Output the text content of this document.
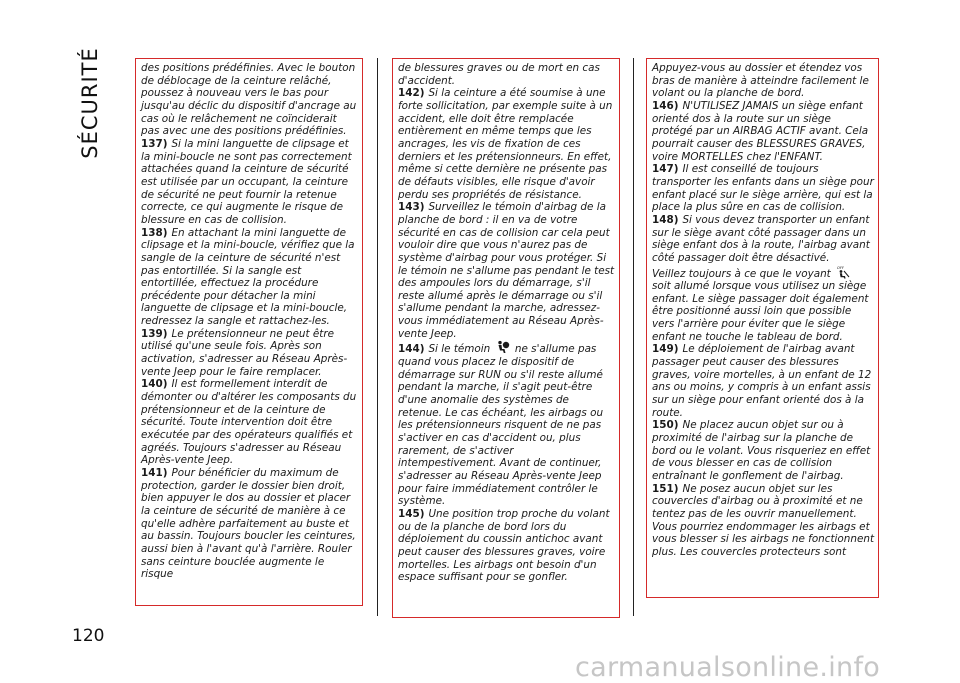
SÉCURITÉ	des positions prédéfinies. Avec le bouton de déblocage de la ceinture relâché, poussez à nouveau vers le bas pour jusqu'au déclic du dispositif d'ancrage au cas où le relâchement ne coïnciderait pas avec une des positions prédéfinies.

137) Si la mini languette de clipsage et la mini-boucle ne sont pas correctement attachées quand la ceinture de sécurité est utilisée par un occupant, la ceinture de sécurité ne peut fournir la retenue correcte, ce qui augmente le risque de blessure en cas de collision.

138) En attachant la mini languette de clipsage et la mini-boucle, vérifiez que la sangle de la ceinture de sécurité n'est pas entortillée. Si la sangle est entortillée, effectuez la procédure précédente pour détacher la mini languette de clipsage et la mini-boucle, redressez la sangle et rattachez-les.

139) Le prétensionneur ne peut être utilisé qu'une seule fois. Après son activation, s'adresser au Réseau Après-vente Jeep pour le faire remplacer.

140) Il est formellement interdit de démonter ou d'altérer les composants du prétensionneur et de la ceinture de sécurité. Toute intervention doit être exécutée par des opérateurs qualifiés et agréés. Toujours s'adresser au Réseau Après-vente Jeep.

141) Pour bénéficier du maximum de protection, garder le dossier bien droit, bien appuyer le dos au dossier et placer la ceinture de sécurité de manière à ce qu'elle adhère parfaitement au buste et au bassin. Toujours boucler les ceintures, aussi bien à l'avant qu'à l'arrière. Rouler sans ceinture bouclée augmente le risque

de blessures graves ou de mort en cas d'accident.

142) Si la ceinture a été soumise à une forte sollicitation, par exemple suite à un accident, elle doit être remplacée entièrement en même temps que les ancrages, les vis de fixation de ces derniers et les prétensionneurs. En effet, même si cette dernière ne présente pas de défauts visibles, elle risque d'avoir perdu ses propriétés de résistance.

143) Surveillez le témoin d'airbag de la planche de bord : il en va de votre sécurité en cas de collision car cela peut vouloir dire que vous n'aurez pas de système d'airbag pour vous protéger. Si le témoin ne s'allume pas pendant le test des ampoules lors du démarrage, s'il reste allumé après le démarrage ou s'il s'allume pendant la marche, adressez-vous immédiatement au Réseau Après-vente Jeep.

144) Si le témoin ne s'allume pas quand vous placez le dispositif de démarrage sur RUN ou s'il reste allumé pendant la marche, il s'agit peut-être d'une anomalie des systèmes de retenue. Le cas échéant, les airbags ou les prétensionneurs risquent de ne pas s'activer en cas d'accident ou, plus rarement, de s'activer intempestivement. Avant de continuer, s'adresser au Réseau Après-vente Jeep pour faire immédiatement contrôler le système.

145) Une position trop proche du volant ou de la planche de bord lors du déploiement du coussin antichoc avant peut causer des blessures graves, voire mortelles. Les airbags ont besoin d'un espace suffisant pour se gonfler.

Appuyez-vous au dossier et étendez vos bras de manière à atteindre facilement le volant ou la planche de bord.

146) N'UTILISEZ JAMAIS un siège enfant orienté dos à la route sur un siège protégé par un AIRBAG ACTIF avant. Cela pourrait causer des BLESSURES GRAVES, voire MORTELLES chez l'ENFANT.

147) Il est conseillé de toujours transporter les enfants dans un siège pour enfant placé sur le siège arrière, qui est la place la plus sûre en cas de collision.

148) Si vous devez transporter un enfant sur le siège avant côté passager dans un siège enfant dos à la route, l'airbag avant côté passager doit être désactivé.

Veillez toujours à ce que le voyant OFF
soit allumé lorsque vous utilisez un siège enfant. Le siège passager doit également être positionné aussi loin que possible vers l'arrière pour éviter que le siège enfant ne touche le tableau de bord.

149) Le déploiement de l'airbag avant passager peut causer des blessures graves, voire mortelles, à un enfant de 12 ans ou moins, y compris à un enfant assis sur un siège pour enfant orienté dos à la route.

150) Ne placez aucun objet sur ou à proximité de l'airbag sur la planche de bord ou le volant. Vous risqueriez en effet de vous blesser en cas de collision entraînant le gonflement de l'airbag.

151) Ne posez aucun objet sur les couvercles d'airbag ou à proximité et ne tentez pas de les ouvrir manuellement. Vous pourriez endommager les airbags et vous blesser si les airbags ne fonctionnent plus. Les couvercles protecteurs sont

120
carmanualsonline.info
